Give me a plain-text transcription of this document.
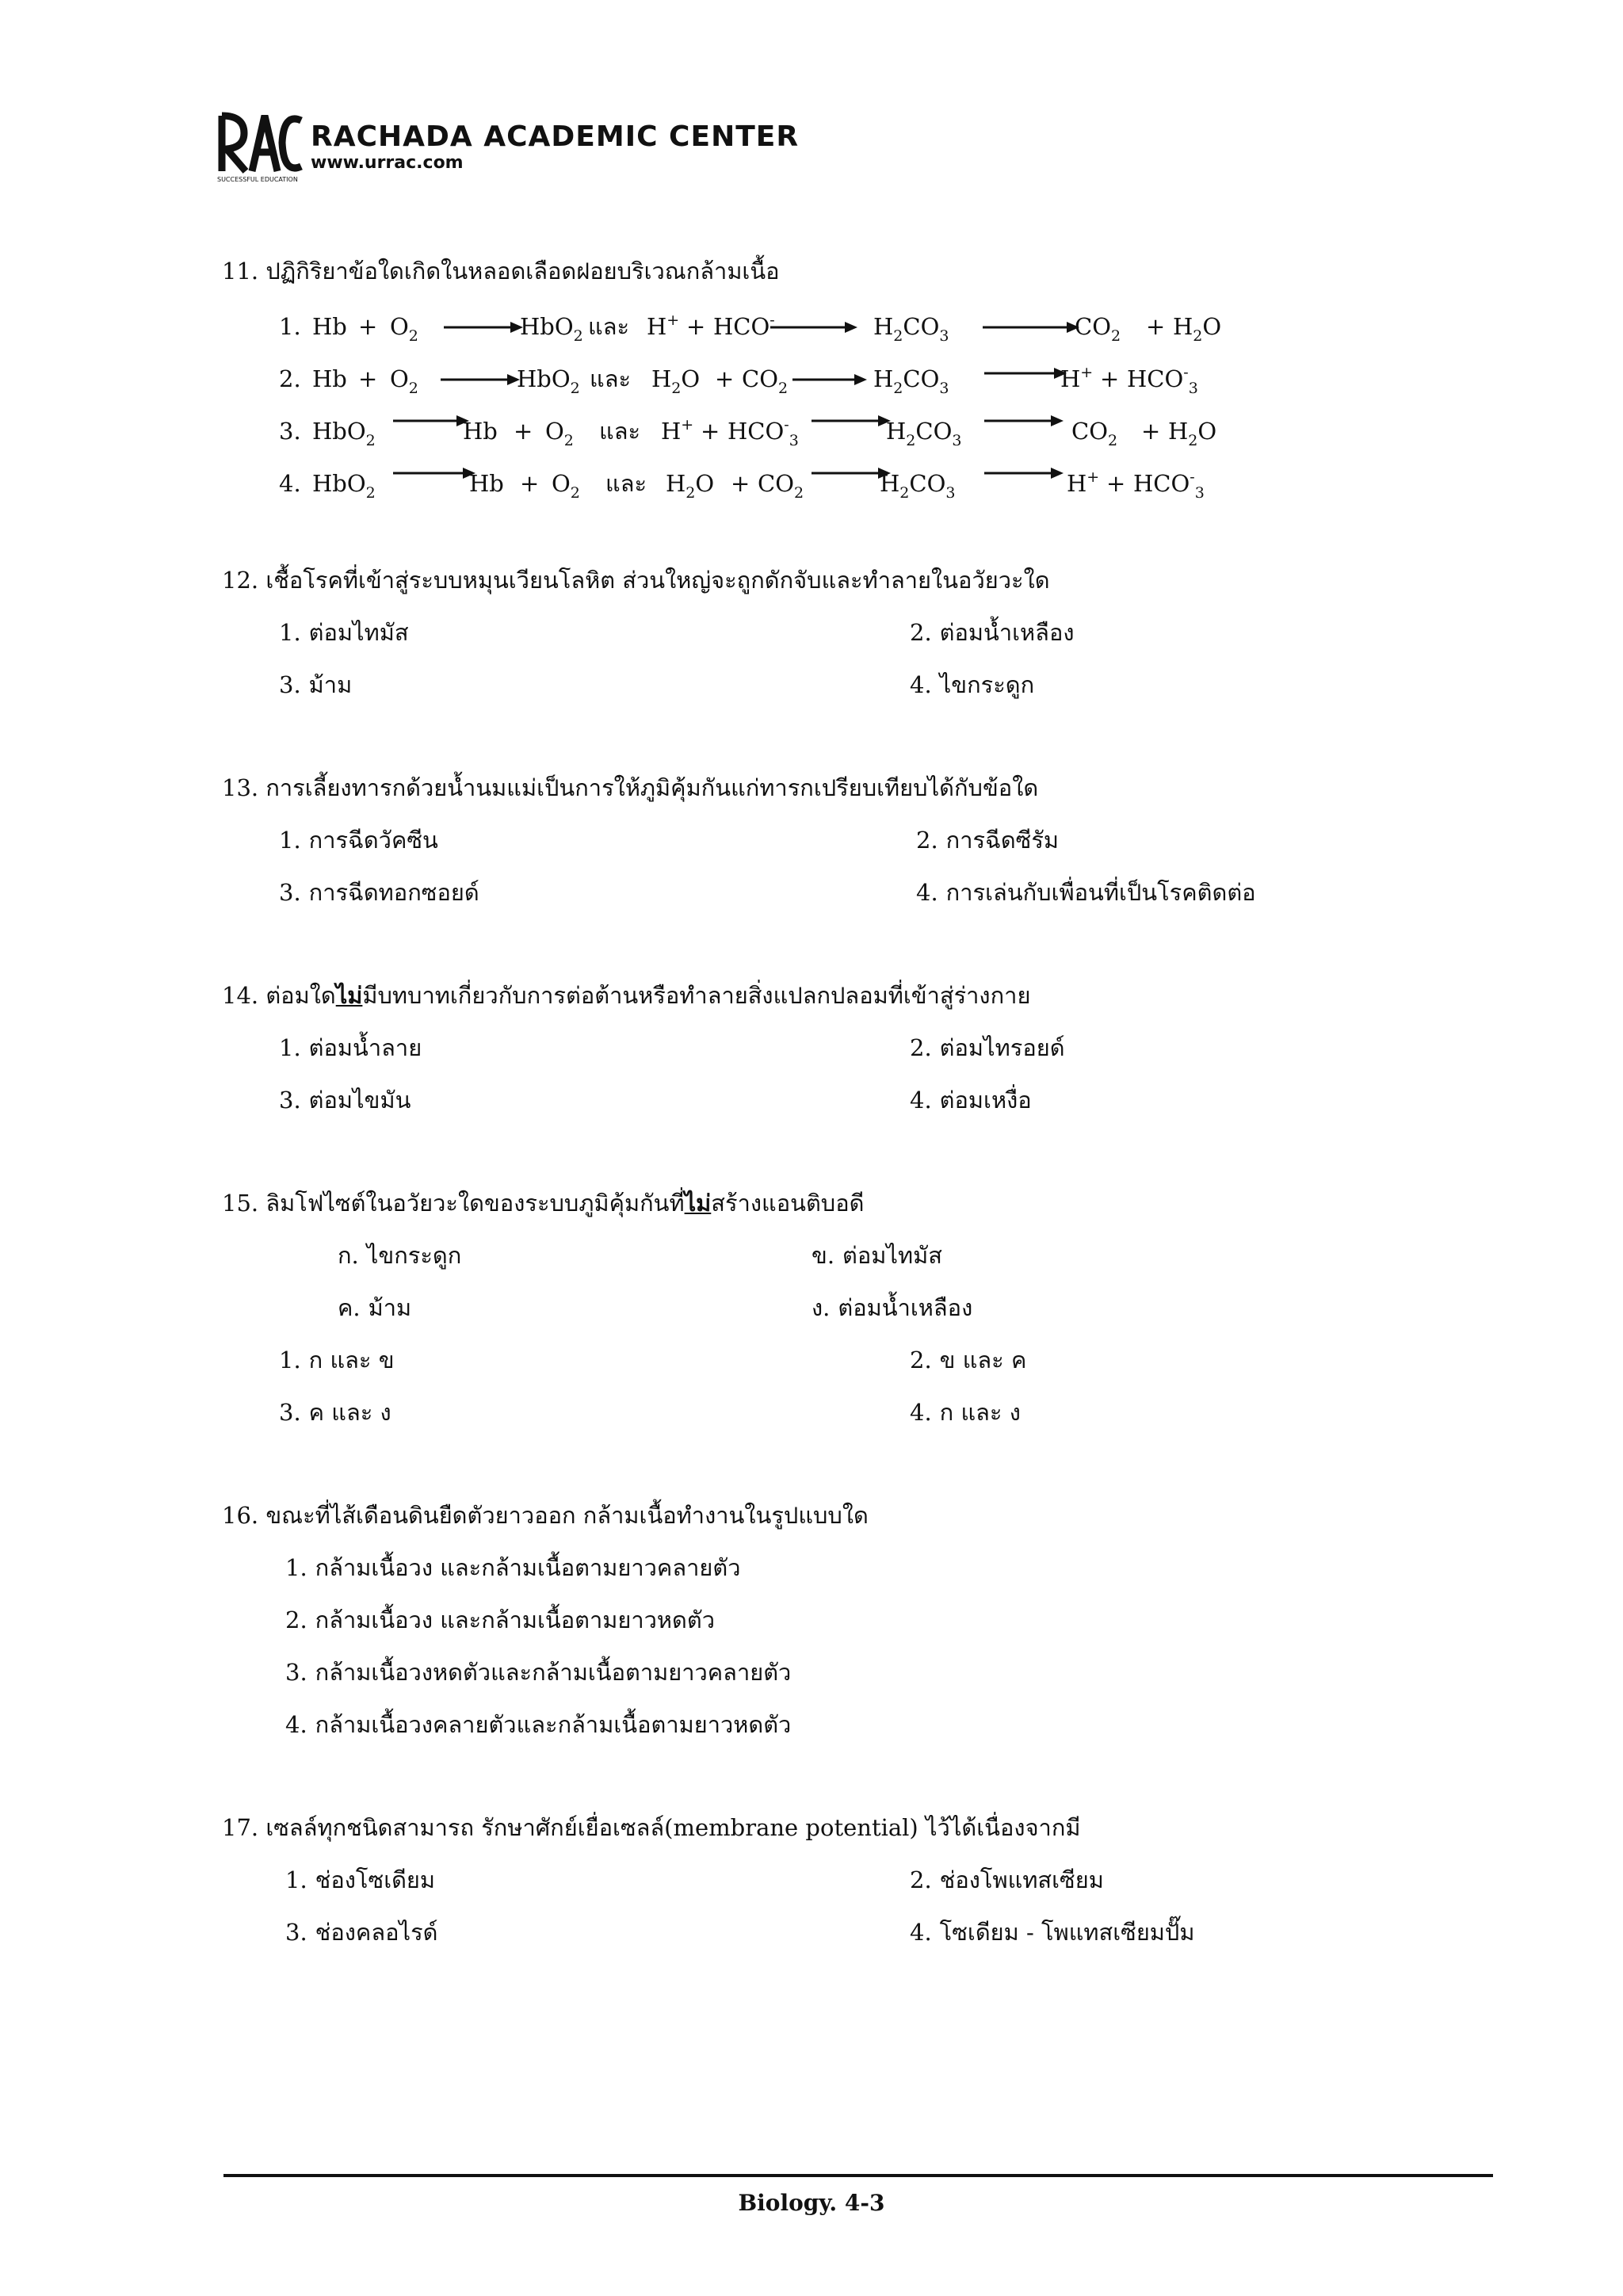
SUCCESSFUL EDUCATION
RACHADA ACADEMIC CENTER
www.urrac.com
11. ปฏิกิริยาข้อใดเกิดในหลอดเลือดฝอยบริเวณกล้ามเนื้อ
1. $Hb + O_2$	HbO$_2$ และ $H^+ + HCO^- \to H_2CO_3$	$CO_2 + H_2O$
2. $Hb + O_2$	HbO$_2$ และ $H_2O + CO_2 \to H_2CO_3$	$H^+ + HCO^-_3$
3. HbO$_2$	$Hb + O_2$ และ $H^+ + HCO^-_3$	$H_2CO_3 \to CO_2 + H_2O$
4. HbO$_2$	$Hb + O_2$ และ $H_2O + CO_2$	$H_2CO_3 \to H^+ + HCO^-_3$
12. เชื้อโรคที่เข้าสู่ระบบหมุนเวียนโลหิต ส่วนใหญ่จะถูกดักจับและทำลายในอวัยวะใด
1. ต่อมไทมัส	2. ต่อมน้ำเหลือง
3. ม้าม	4. ไขกระดูก
13. การเลี้ยงทารกด้วยน้ำนมแม่เป็นการให้ภูมิคุ้มกันแก่ทารกเปรียบเทียบได้กับข้อใด
1. การฉีดวัคซีน	2. การฉีดซีรัม
3. การฉีดทอกซอยด์	4. การเล่นกับเพื่อนที่เป็นโรคติดต่อ
14. ต่อมใดไม่มีบทบาทเกี่ยวกับการต่อต้านหรือทำลายสิ่งแปลกปลอมที่เข้าสู่ร่างกาย
1. ต่อมน้ำลาย	2. ต่อมไทรอยด์
3. ต่อมไขมัน	4. ต่อมเหงื่อ
15. ลิมโฟไซต์ในอวัยวะใดของระบบภูมิคุ้มกันที่ไม่สร้างแอนติบอดี
ก. ไขกระดูก	ข. ต่อมไทมัส
ค. ม้าม	ง. ต่อมน้ำเหลือง
1. ก และ ข	2. ข และ ค
3. ค และ ง	4. ก และ ง
16. ขณะที่ไส้เดือนดินยืดตัวยาวออก กล้ามเนื้อทำงานในรูปแบบใด
1. กล้ามเนื้อวง และกล้ามเนื้อตามยาวคลายตัว
2. กล้ามเนื้อวง และกล้ามเนื้อตามยาวหดตัว
3. กล้ามเนื้อวงหดตัวและกล้ามเนื้อตามยาวคลายตัว
4. กล้ามเนื้อวงคลายตัวและกล้ามเนื้อตามยาวหดตัว
17. เซลล์ทุกชนิดสามารถ รักษาศักย์เยื่อเซลล์(membrane potential) ไว้ได้เนื่องจากมี
1. ช่องโซเดียม	2. ช่องโพแทสเซียม
3. ช่องคลอไรด์	4. โซเดียม - โพแทสเซียมปั๊ม
Biology. 4-3
